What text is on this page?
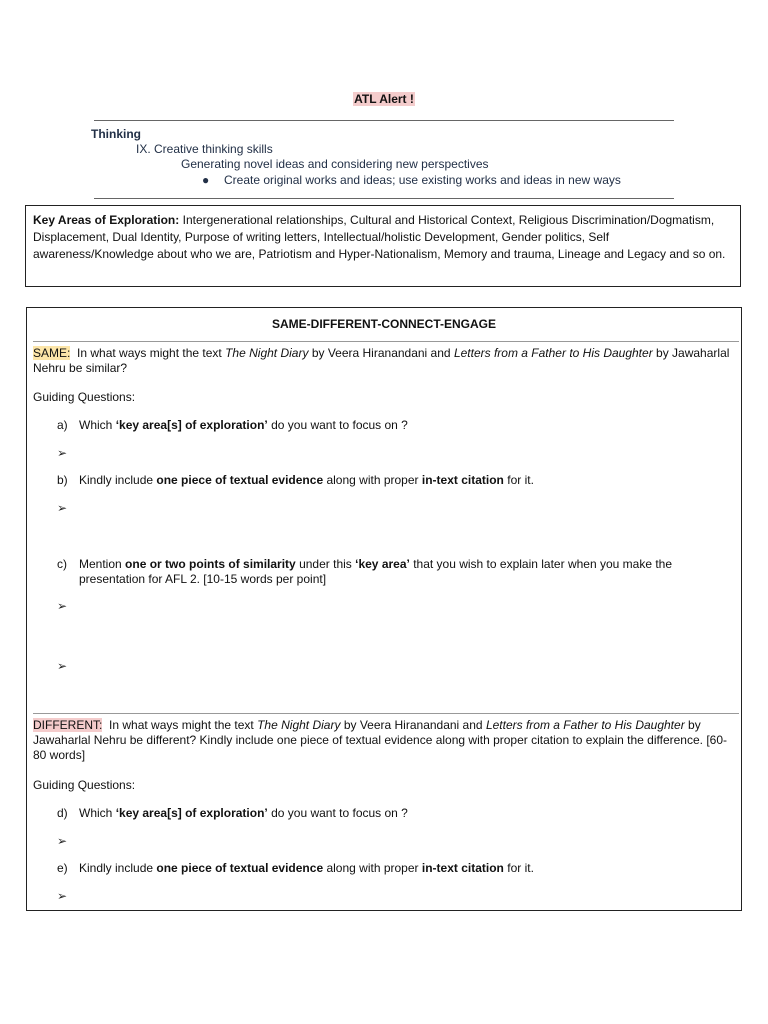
ATL Alert !
Thinking
IX. Creative thinking skills
Generating novel ideas and considering new perspectives
● Create original works and ideas; use existing works and ideas in new ways
Key Areas of Exploration: Intergenerational relationships, Cultural and Historical Context, Religious Discrimination/Dogmatism, Displacement, Dual Identity, Purpose of writing letters, Intellectual/holistic Development, Gender politics, Self awareness/Knowledge about who we are, Patriotism and Hyper-Nationalism, Memory and trauma, Lineage and Legacy and so on.
SAME-DIFFERENT-CONNECT-ENGAGE
SAME: In what ways might the text The Night Diary by Veera Hiranandani and Letters from a Father to His Daughter by Jawaharlal Nehru be similar?
Guiding Questions:
a) Which ‘key area[s] of exploration’ do you want to focus on ?
➢
b) Kindly include one piece of textual evidence along with proper in-text citation for it.
➢
c) Mention one or two points of similarity under this ‘key area’ that you wish to explain later when you make the presentation for AFL 2. [10-15 words per point]
➢
➢
DIFFERENT: In what ways might the text The Night Diary by Veera Hiranandani and Letters from a Father to His Daughter by Jawaharlal Nehru be different? Kindly include one piece of textual evidence along with proper citation to explain the difference. [60-80 words]
Guiding Questions:
d) Which ‘key area[s] of exploration’ do you want to focus on ?
➢
e) Kindly include one piece of textual evidence along with proper in-text citation for it.
➢
